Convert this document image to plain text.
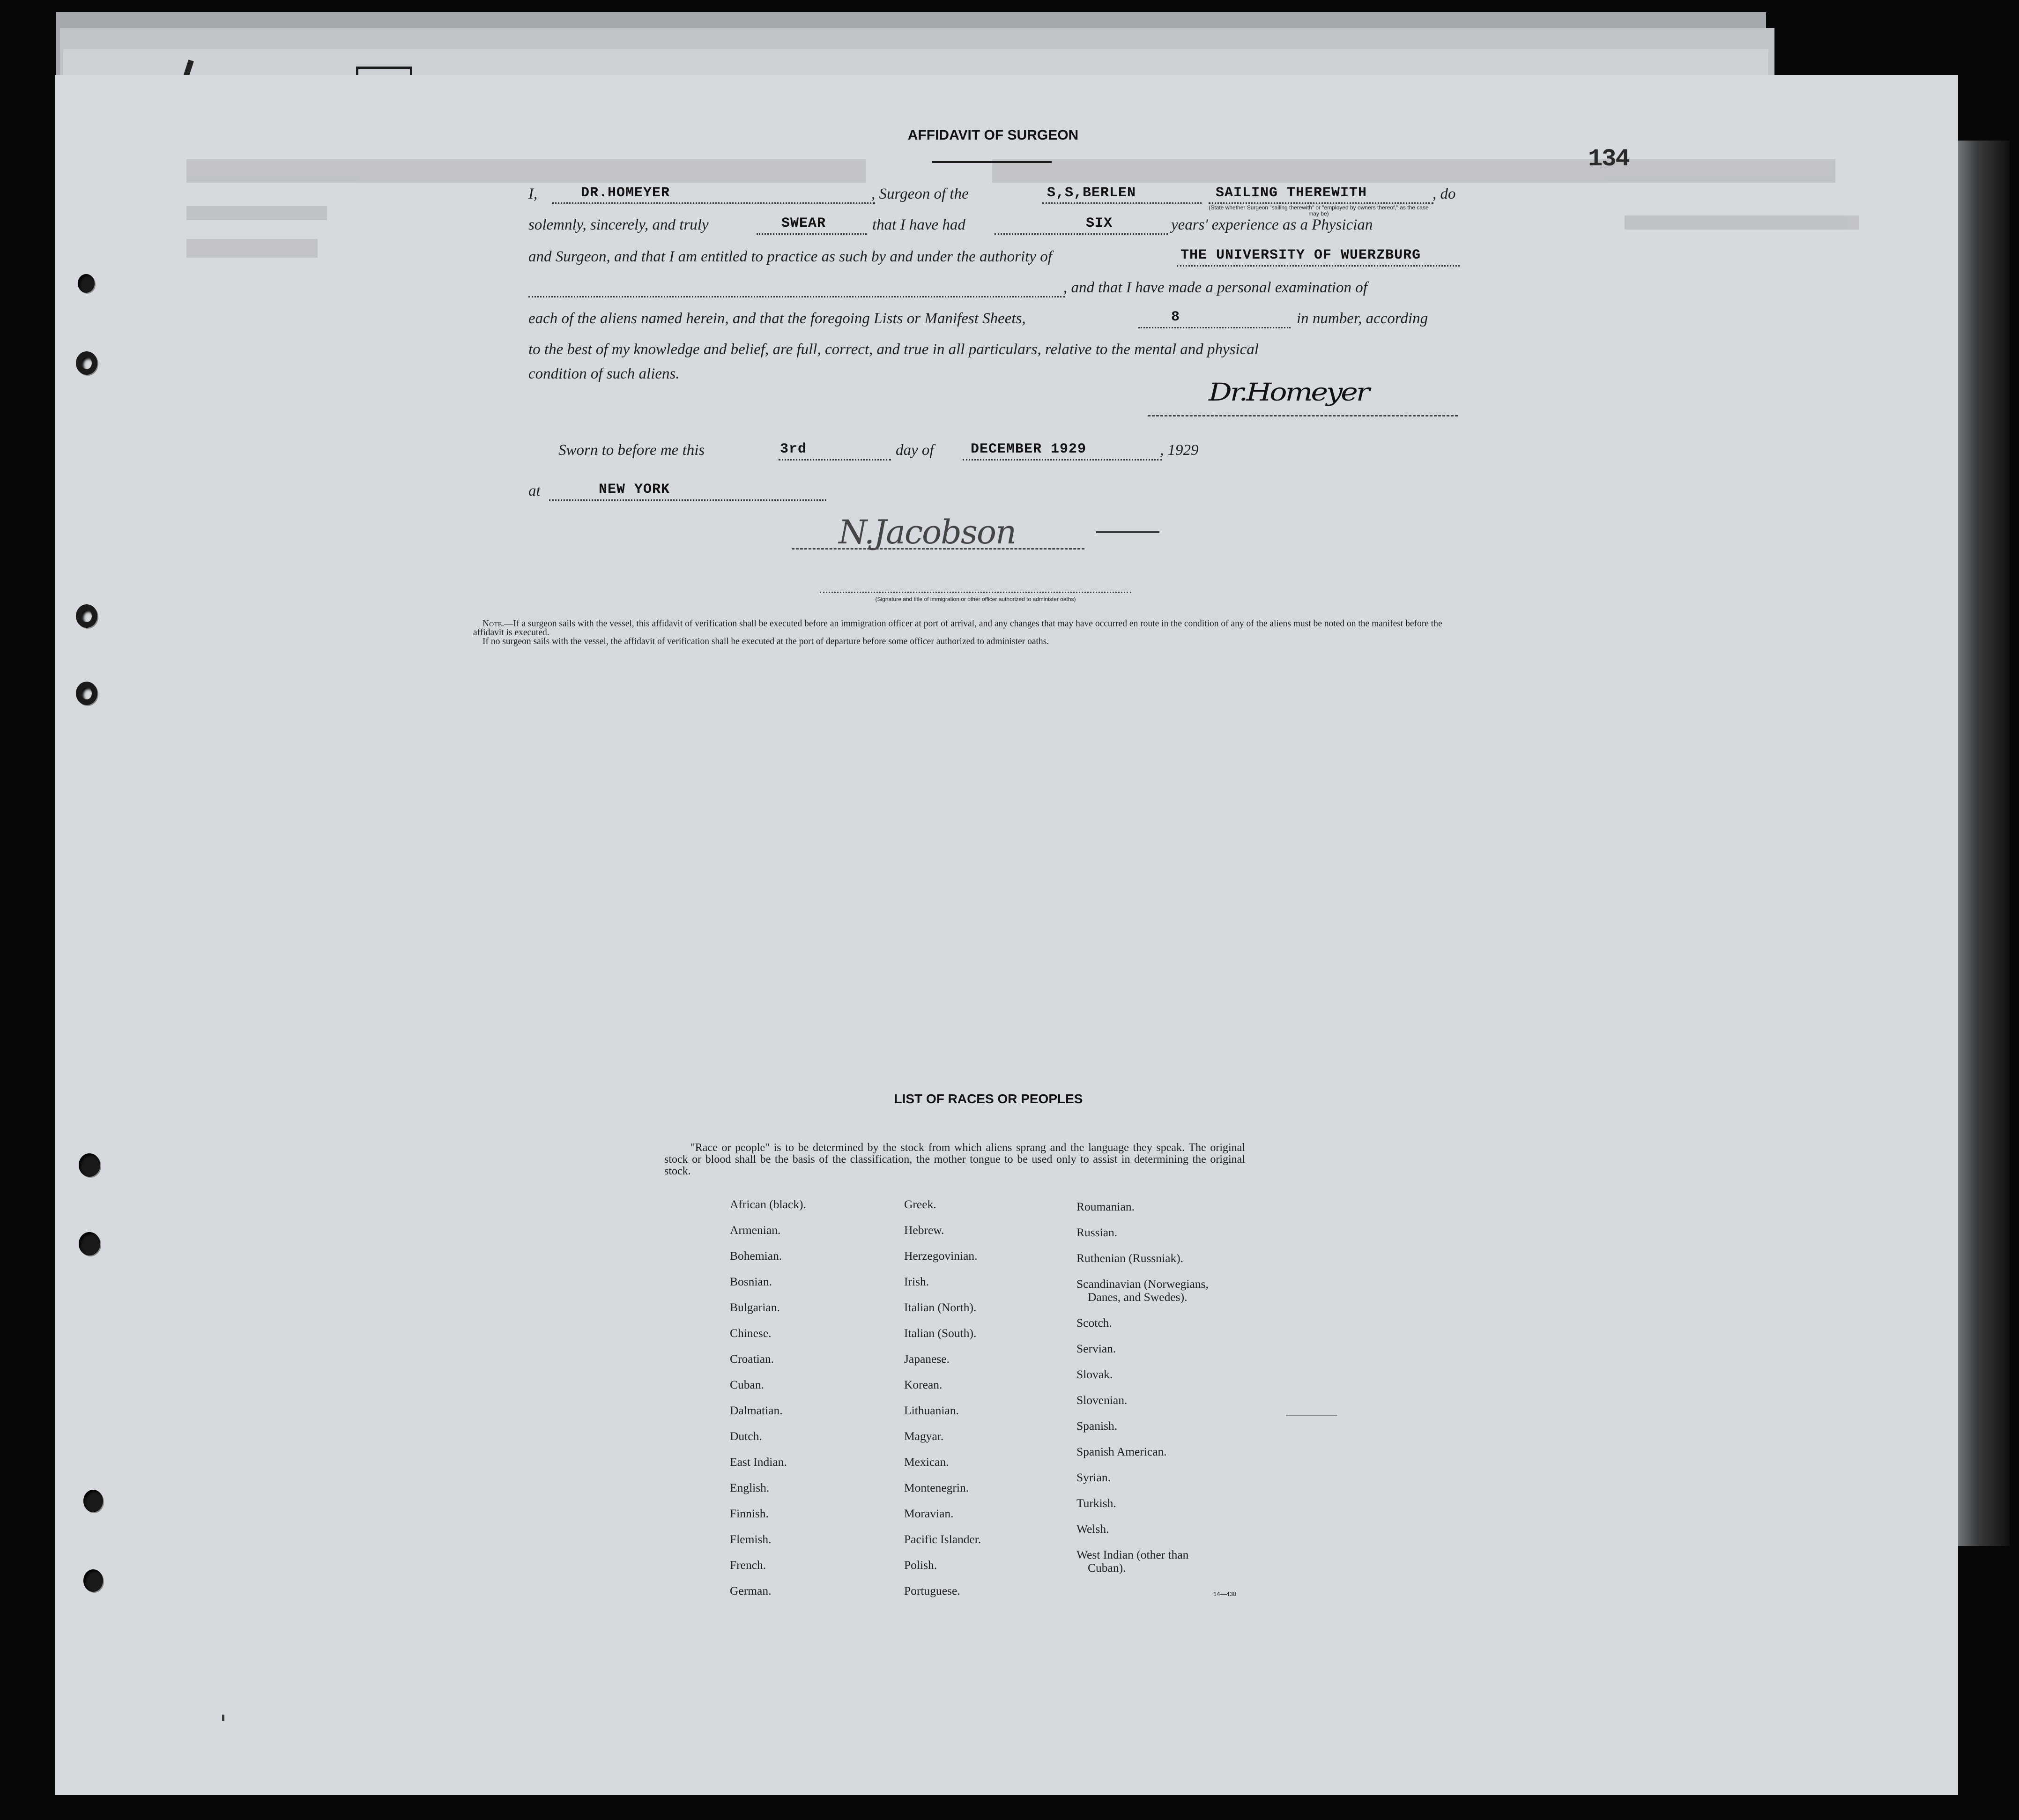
134
AFFIDAVIT OF SURGEON
I,	DR.HOMEYER	, Surgeon of the	S,S,BERLEN	SAILING THEREWITH	, do
(State whether Surgeon "sailing therewith" or "employed by owners thereof," as the case may be)
solemnly, sincerely, and truly	SWEAR	that I have had	SIX	years' experience as a Physician
and Surgeon, and that I am entitled to practice as such by and under the authority of	THE UNIVERSITY OF WUERZBURG
, and that I have made a personal examination of
each of the aliens named herein, and that the foregoing Lists or Manifest Sheets,	8	in number, according
to the best of my knowledge and belief, are full, correct, and true in all particulars, relative to the mental and physical
condition of such aliens.
Dr.Homeyer
Sworn to before me this	3rd	day of	DECEMBER 1929	, 1929
at	NEW YORK
N.Jacobson
(Signature and title of immigration or other officer authorized to administer oaths)

Note.—If a surgeon sails with the vessel, this affidavit of verification shall be executed before an immigration officer at port of arrival, and any changes that may have occurred en route in the condition of any of the aliens must be noted on the manifest before the affidavit is executed.

If no surgeon sails with the vessel, the affidavit of verification shall be executed at the port of departure before some officer authorized to administer oaths.

LIST OF RACES OR PEOPLES
"Race or people" is to be determined by the stock from which aliens sprang and the language they speak. The original stock or blood shall be the basis of the classification, the mother tongue to be used only to assist in determining the original stock.
African (black).
Armenian.
Bohemian.
Bosnian.
Bulgarian.
Chinese.
Croatian.
Cuban.
Dalmatian.
Dutch.
East Indian.
English.
Finnish.
Flemish.
French.
German.
Greek.
Hebrew.
Herzegovinian.
Irish.
Italian (North).
Italian (South).
Japanese.
Korean.
Lithuanian.
Magyar.
Mexican.
Montenegrin.
Moravian.
Pacific Islander.
Polish.
Portuguese.
Roumanian.
Russian.
Ruthenian (Russniak).
Scandinavian (Norwegians,
Danes, and Swedes).
Scotch.
Servian.
Slovak.
Slovenian.
Spanish.
Spanish American.
Syrian.
Turkish.
Welsh.
West Indian (other than
Cuban).
14—430
